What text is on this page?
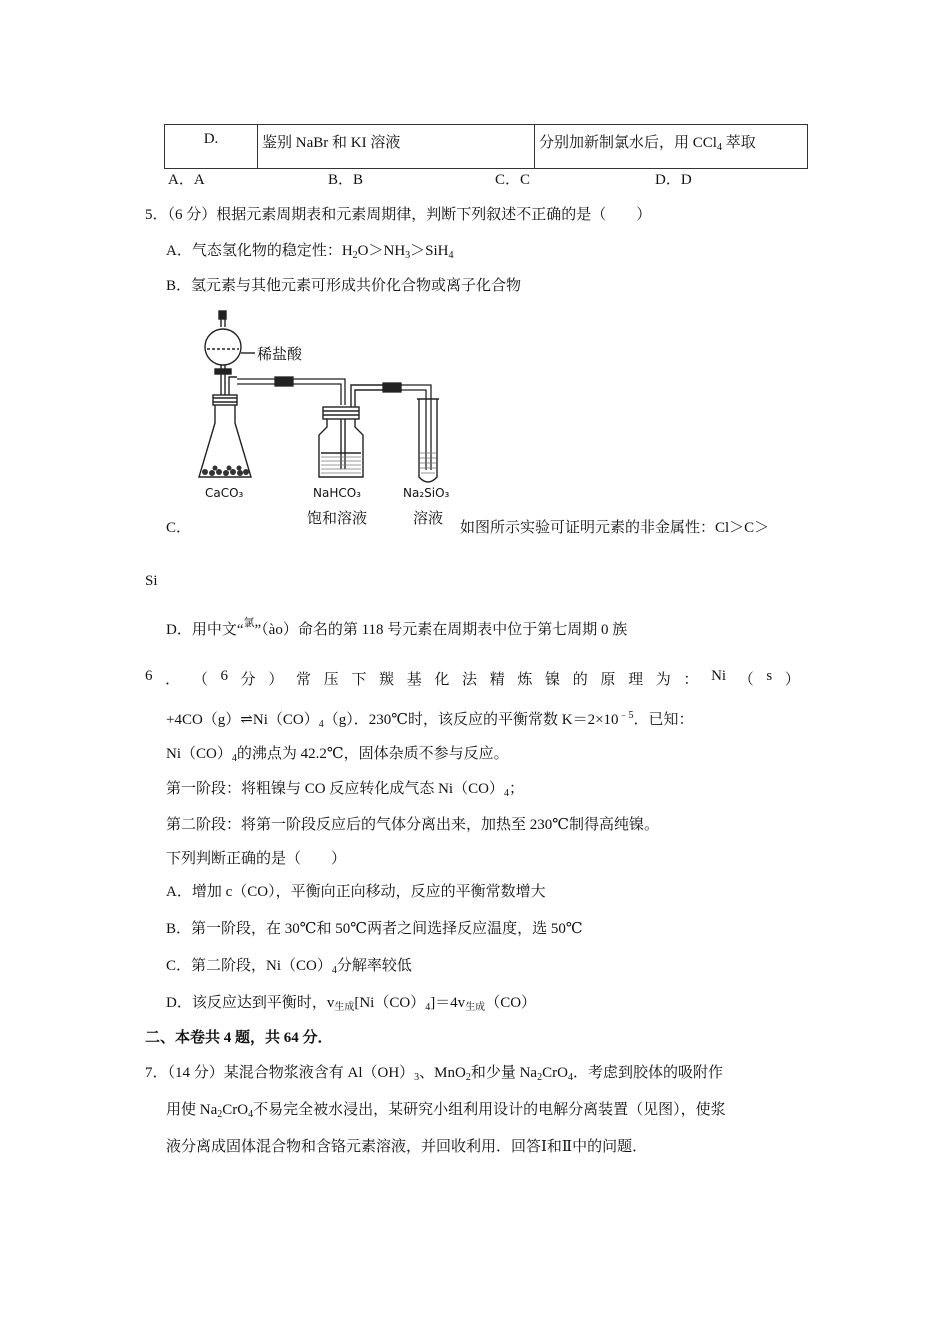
D.	鉴别 NaBr 和 KI 溶液	分别加新制氯水后，用 CCl$_4$ 萃取
A．A	B．B	C．C	D．D
5．（6 分）根据元素周期表和元素周期律，判断下列叙述不正确的是（　　）
A．气态氢化物的稳定性：$H_2O>NH_3>SiH_4$
B．氢元素与其他元素可形成共价化合物或离子化合物
稀盐酸
CaCO₃	NaHCO₃
饱和溶液
Na₂SiO₃
溶液
C．	如图所示实验可证明元素的非金属性：Cl＞C＞
Si
D．用中文“$^氯$”（ào）命名的第 118 号元素在周期表中位于第七周期 0 族
6 ． （ 6 分 ） 常 压 下 羰 基 化 法 精 炼 镍 的 原 理 为 ： Ni （ s ）
$+4CO(g)\rightleftharpoons Ni(CO)_4(g)$．230℃时，该反应的平衡常数 $K=2\times 10^{﹣5}$．已知：
$Ni(CO)_4$的沸点为 42.2℃，固体杂质不参与反应。
第一阶段：将粗镍与 CO 反应转化成气态 $Ni(CO)_4$；
第二阶段：将第一阶段反应后的气体分离出来，加热至 230℃制得高纯镍。
下列判断正确的是（　　）
A．增加 c（CO），平衡向正向移动，反应的平衡常数增大
B．第一阶段，在 30℃和 50℃两者之间选择反应温度，选 50℃
C．第二阶段，$Ni(CO)_4$分解率较低
D．该反应达到平衡时，$v_{生成}[Ni(CO)_4]=4v_{生成}(CO)$
二、本卷共 4 题，共 64 分．
7．（14 分）某混合物浆液含有 $Al(OH)_3$、MnO$_2$和少量 $Na_2CrO_4$．考虑到胶体的吸附作
用使 $Na_2CrO_4$不易完全被水浸出，某研究小组利用设计的电解分离装置（见图），使浆
液分离成固体混合物和含铬元素溶液，并回收利用．回答Ⅰ和Ⅱ中的问题．
